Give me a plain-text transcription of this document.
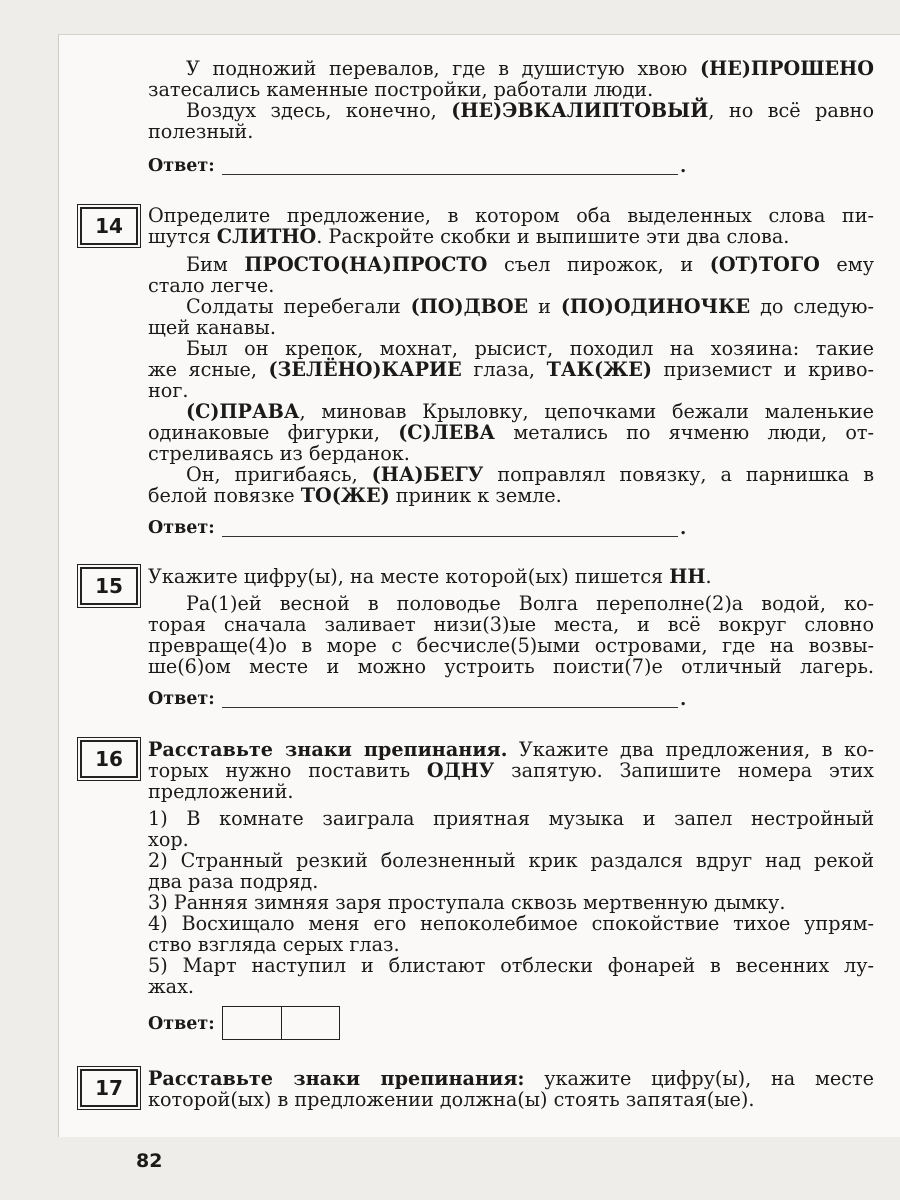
У подножий перевалов, где в душистую хвою (НЕ)ПРОШЕНО

затесались каменные постройки, работали люди.

Воздух здесь, конечно, (НЕ)ЭВКАЛИПТОВЫЙ, но всё равно

полезный.

Ответ:	.
14	Определите предложение, в котором оба выделенных слова пи-

шутся СЛИТНО. Раскройте скобки и выпишите эти два слова.

Бим ПРОСТО(НА)ПРОСТО съел пирожок, и (ОТ)ТОГО ему

стало легче.

Солдаты перебегали (ПО)ДВОЕ и (ПО)ОДИНОЧКЕ до следую-

щей канавы.

Был он крепок, мохнат, рысист, походил на хозяина: такие

же ясные, (ЗЕЛЁНО)КАРИЕ глаза, ТАК(ЖЕ) приземист и криво-

ног.

(С)ПРАВА, миновав Крыловку, цепочками бежали маленькие

одинаковые фигурки, (С)ЛЕВА метались по ячменю люди, от-

стреливаясь из берданок.

Он, пригибаясь, (НА)БЕГУ поправлял повязку, а парнишка в

белой повязке ТО(ЖЕ) приник к земле.

Ответ:	.
15	Укажите цифру(ы), на месте которой(ых) пишется НН.

Ра(1)ей весной в половодье Волга переполне(2)а водой, ко-

торая сначала заливает низи(3)ые места, и всё вокруг словно

превраще(4)о в море с бесчисле(5)ыми островами, где на возвы-

ше(6)ом месте и можно устроить поисти(7)е отличный лагерь.

Ответ:	.
16	Расставьте знаки препинания. Укажите два предложения, в ко-

торых нужно поставить ОДНУ запятую. Запишите номера этих

предложений.

1) В комнате заиграла приятная музыка и запел нестройный

хор.

2) Странный резкий болезненный крик раздался вдруг над рекой

два раза подряд.

3) Ранняя зимняя заря проступала сквозь мертвенную дымку.

4) Восхищало меня его непоколебимое спокойствие тихое упрям-

ство взгляда серых глаз.

5) Март наступил и блистают отблески фонарей в весенних лу-

жах.

Ответ:
17	Расставьте знаки препинания: укажите цифру(ы), на месте

которой(ых) в предложении должна(ы) стоять запятая(ые).

82
